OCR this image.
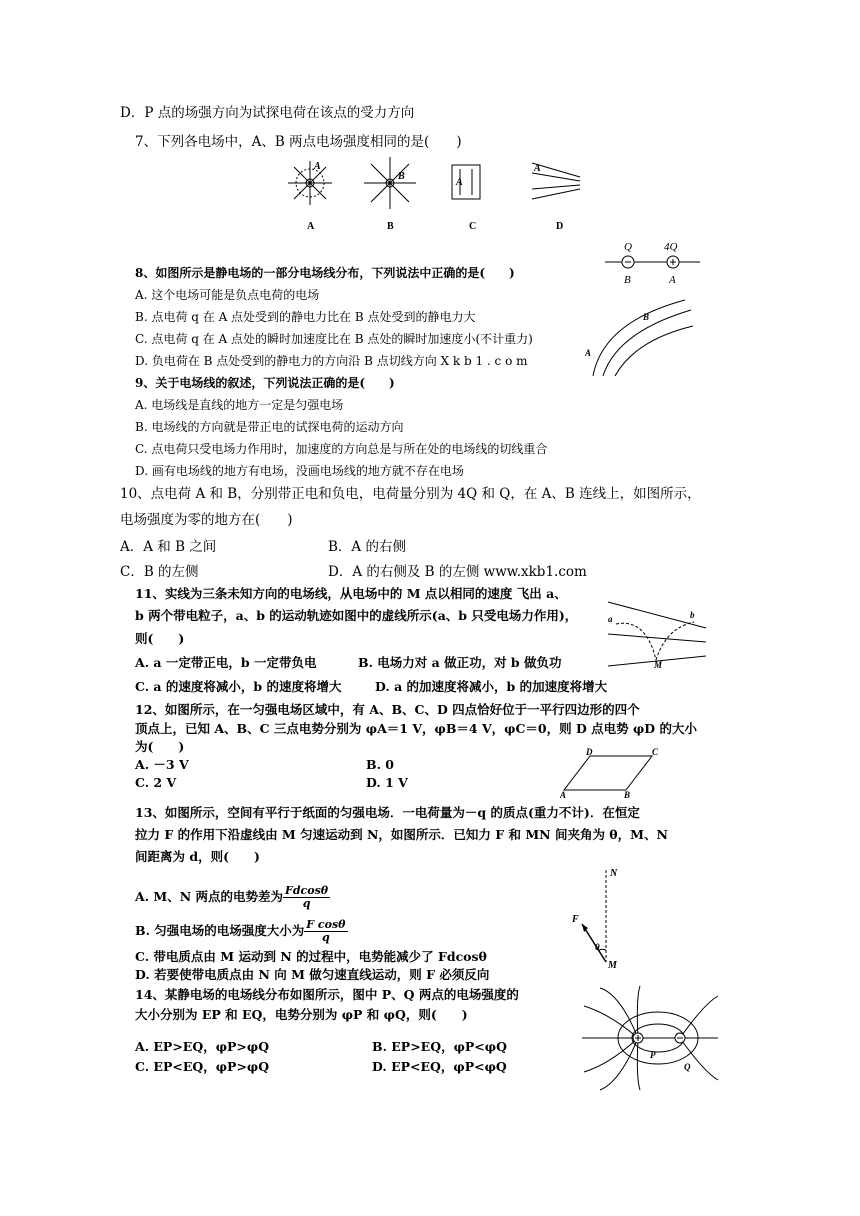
D．P 点的场强方向为试探电荷在该点的受力方向
7、下列各电场中，A、B 两点电场强度相同的是(　　)
8、如图所示是静电场的一部分电场线分布，下列说法中正确的是(　　)
A. 这个电场可能是负点电荷的电场
B. 点电荷 q 在 A 点处受到的静电力比在 B 点处受到的静电力大
C. 点电荷 q 在 A 点处的瞬时加速度比在 B 点处的瞬时加速度小(不计重力)
D. 负电荷在 B 点处受到的静电力的方向沿 B 点切线方向 X k b 1 . c o m
9、关于电场线的叙述，下列说法正确的是(　　)
A. 电场线是直线的地方一定是匀强电场
B. 电场线的方向就是带正电的试探电荷的运动方向
C. 点电荷只受电场力作用时，加速度的方向总是与所在处的电场线的切线重合
D. 画有电场线的地方有电场，没画电场线的地方就不存在电场
10、点电荷 A 和 B，分别带正电和负电，电荷量分别为 4Q 和 Q，在 A、B 连线上，如图所示，
电场强度为零的地方在(　　)
A．A 和 B 之间	B．A 的右侧
C．B 的左侧	D．A 的右侧及 B 的左侧 www.xkb1.com
11、实线为三条未知方向的电场线，从电场中的 M 点以相同的速度 飞出 a、
b 两个带电粒子，a、b 的运动轨迹如图中的虚线所示(a、b 只受电场力作用)，
则(　　)
A. a 一定带正电，b 一定带负电	B. 电场力对 a 做正功，对 b 做负功
C. a 的速度将减小，b 的速度将增大	D. a 的加速度将减小，b 的加速度将增大
12、如图所示，在一匀强电场区域中，有 A、B、C、D 四点恰好位于一平行四边形的四个
顶点上，已知 A、B、C 三点电势分别为 φA＝1 V，φB＝4 V，φC＝0，则 D 点电势 φD 的大小
为(　　)
A. －3 V	B. 0
C. 2 V	D. 1 V
13、如图所示，空间有平行于纸面的匀强电场．一电荷量为－q 的质点(重力不计)．在恒定
拉力 F 的作用下沿虚线由 M 匀速运动到 N，如图所示．已知力 F 和 MN 间夹角为 θ，M、N
间距离为 d，则(　　)
A. M、N 两点的电势差为 $\frac{Fdcos\theta}{q}$
B. 匀强电场的电场强度大小为 $\frac{\text{F cosθ}}{q}$
C. 带电质点由 M 运动到 N 的过程中，电势能减少了 Fdcosθ
D. 若要使带电质点由 N 向 M 做匀速直线运动，则 F 必须反向
14、某静电场的电场线分布如图所示，图中 P、Q 两点的电场强度的
大小分别为 EP 和 EQ，电势分别为 φP 和 φQ，则(　　)
A. EP>EQ，φP>φQ	B. EP>EQ，φP<φQ
C. EP<EQ，φP>φQ	D. EP<EQ，φP<φQ
A
B
A
A
A	B	C	D
Q	4Q
B	A
A
B
a	b
M
D	C
A	B
N
F
θ
M
P
Q
